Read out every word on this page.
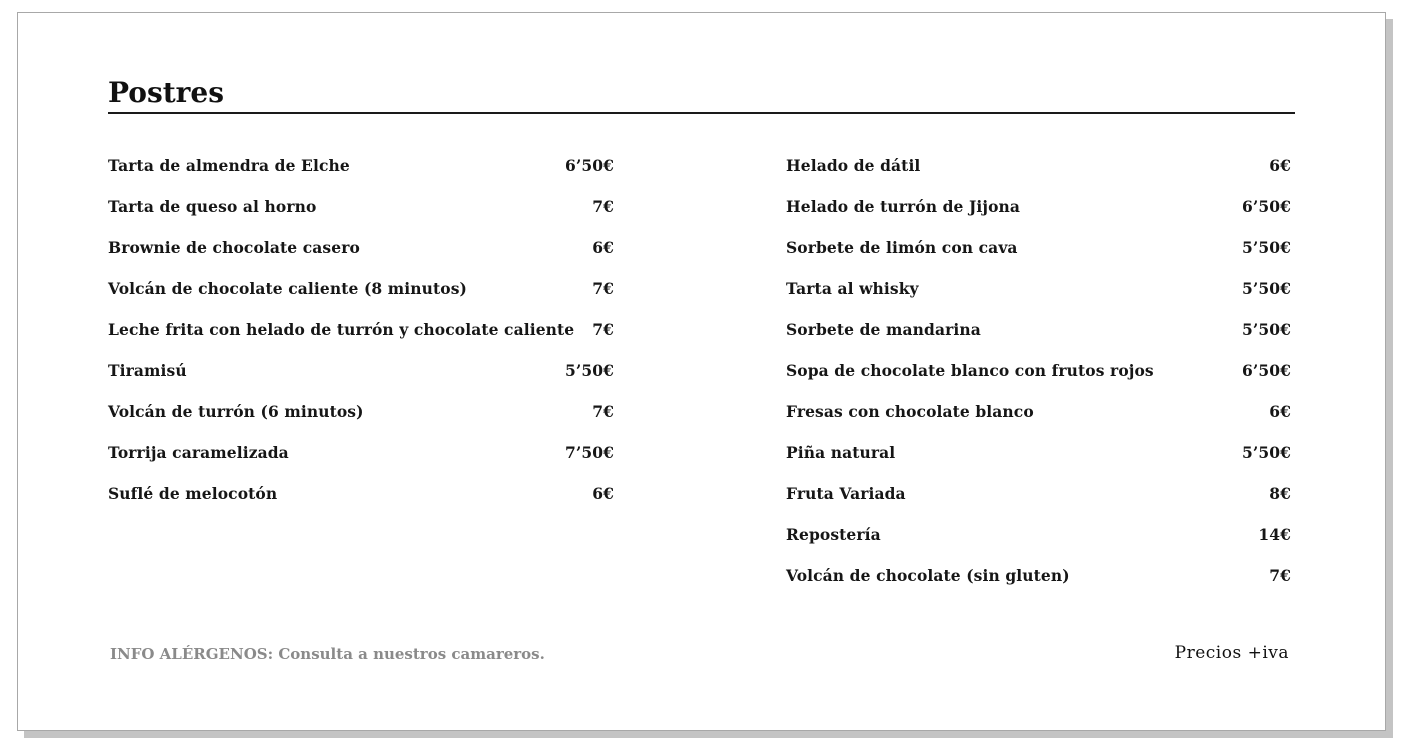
Postres
Tarta de almendra de Elche	6’50€
Tarta de queso al horno	7€
Brownie de chocolate casero	6€
Volcán de chocolate caliente (8 minutos)	7€
Leche frita con helado de turrón y chocolate caliente 7€
Tiramisú	5’50€
Volcán de turrón (6 minutos)	7€
Torrija caramelizada	7’50€
Suflé de melocotón	6€
Helado de dátil	6€
Helado de turrón de Jijona	6’50€
Sorbete de limón con cava	5’50€
Tarta al whisky	5’50€
Sorbete de mandarina	5’50€
Sopa de chocolate blanco con frutos rojos	6’50€
Fresas con chocolate blanco	6€
Piña natural	5’50€
Fruta Variada	8€
Repostería	14€
Volcán de chocolate (sin gluten)	7€
INFO ALÉRGENOS: Consulta a nuestros camareros.	Precios +iva
